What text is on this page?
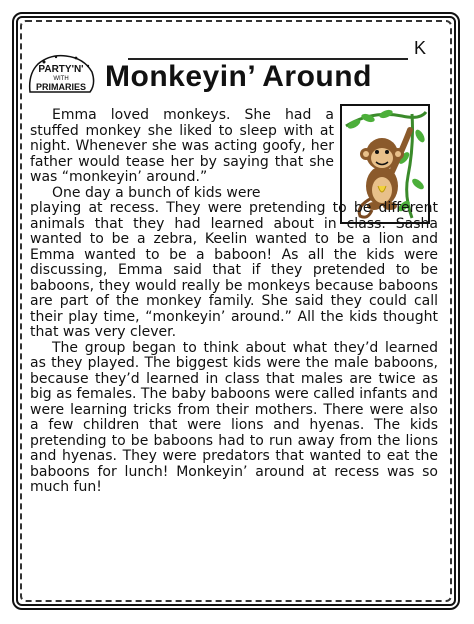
PARTY'N'
WITH
PRIMARIES
K
Monkeyin’ Around

Emma loved monkeys. She had a stuffed monkey she liked to sleep with at night. Whenever she was acting goofy, her father would tease her by saying that she was “monkeyin’ around.”

One day a bunch of kids were

playing at recess. They were pretending to be different animals that they had learned about in class. Sasha wanted to be a zebra, Keelin wanted to be a lion and Emma wanted to be a baboon! As all the kids were discussing, Emma said that if they pretended to be baboons, they would really be monkeys because baboons are part of the monkey family. She said they could call their play time, “monkeyin’ around.” All the kids thought that was very clever.

The group began to think about what they’d learned as they played. The biggest kids were the male baboons, because they’d learned in class that males are twice as big as females. The baby baboons were called infants and were learning tricks from their mothers. There were also a few children that were lions and hyenas. The kids pretending to be baboons had to run away from the lions and hyenas. They were predators that wanted to eat the baboons for lunch! Monkeyin’ around at recess was so much fun!
